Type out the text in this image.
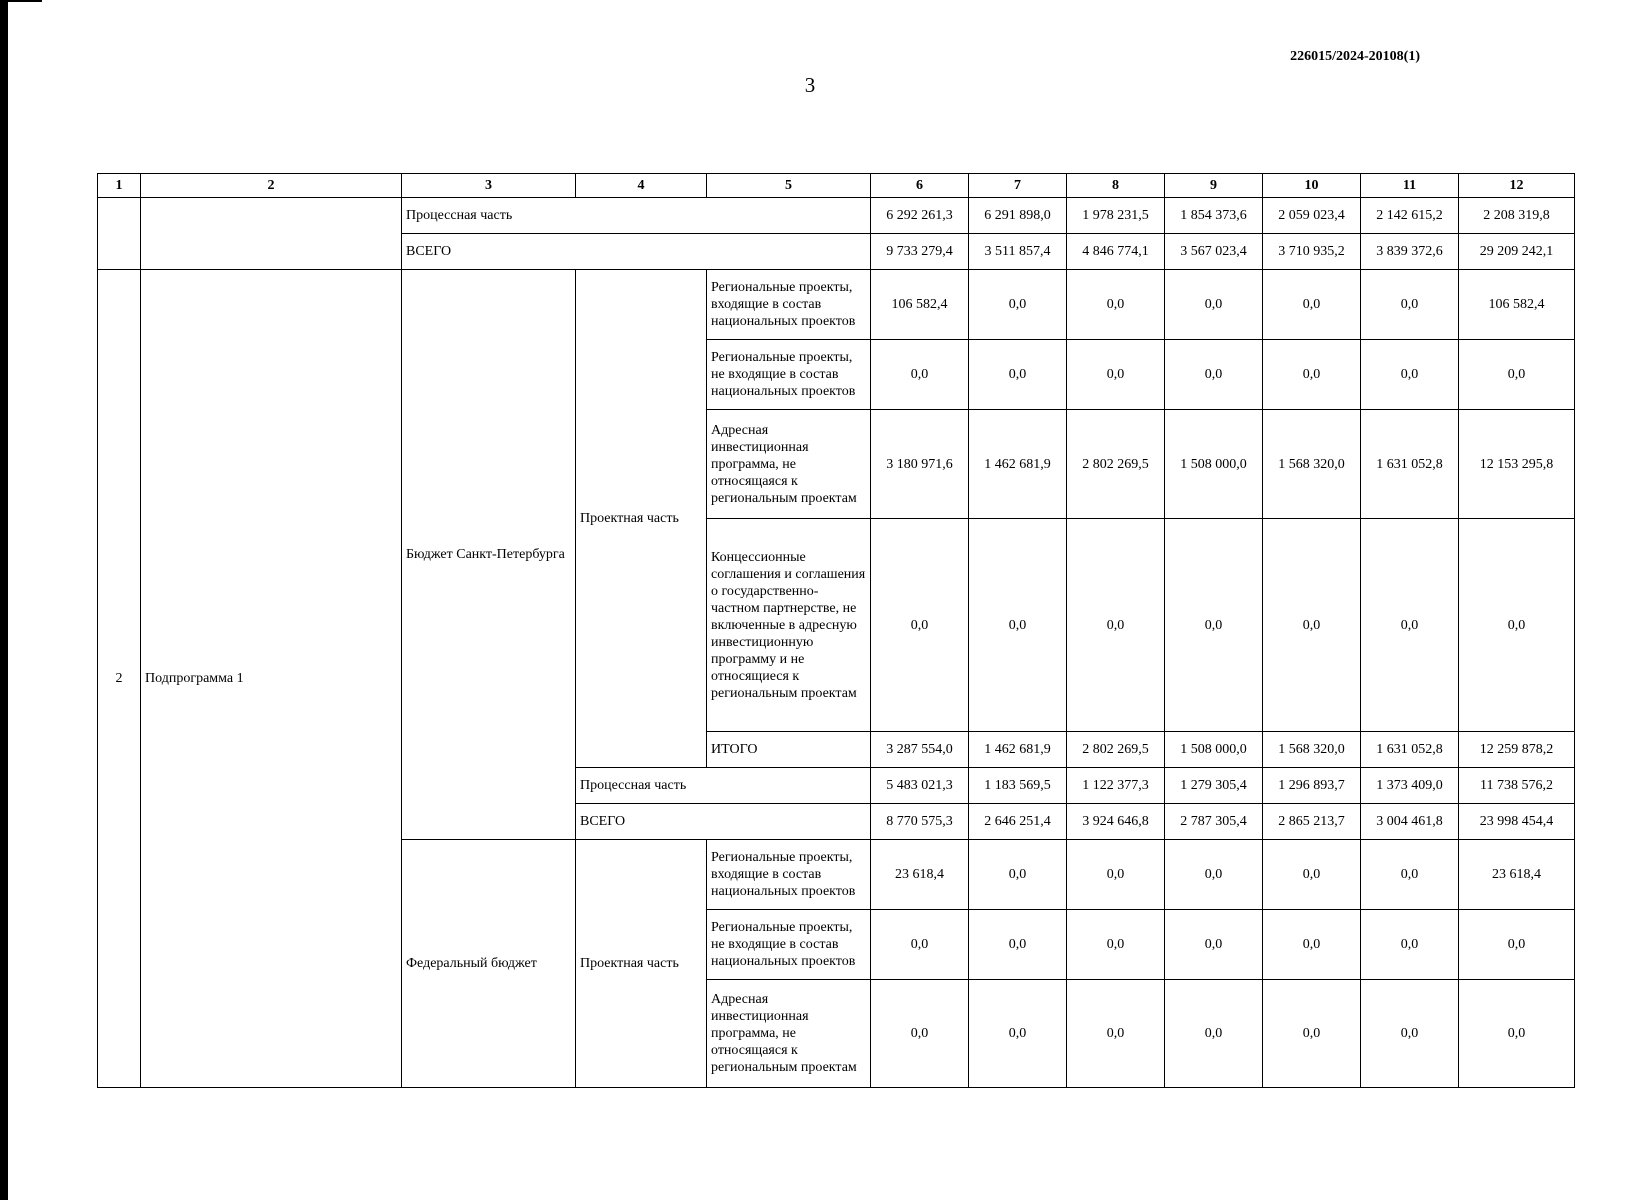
226015/2024-20108(1)
3
1	2	3	4	5	6	7	8	9	10	11	12
		Процессная часть			6 292 261,3	6 291 898,0	1 978 231,5	1 854 373,6	2 059 023,4	2 142 615,2	2 208 319,8
		ВСЕГО			9 733 279,4	3 511 857,4	4 846 774,1	3 567 023,4	3 710 935,2	3 839 372,6	29 209 242,1
2	Подпрограмма 1	Бюджет Санкт-Петербурга	Проектная часть	Региональные проекты, входящие в состав национальных проектов	106 582,4	0,0	0,0	0,0	0,0	0,0	106 582,4
				Региональные проекты, не входящие в состав национальных проектов	0,0	0,0	0,0	0,0	0,0	0,0	0,0
				Адресная инвестиционная программа, не относящаяся к региональным проектам	3 180 971,6	1 462 681,9	2 802 269,5	1 508 000,0	1 568 320,0	1 631 052,8	12 153 295,8
				Концессионные соглашения и соглашения о государственно-частном партнерстве, не включенные в адресную инвестиционную программу и не относящиеся к региональным проектам	0,0	0,0	0,0	0,0	0,0	0,0	0,0
				ИТОГО	3 287 554,0	1 462 681,9	2 802 269,5	1 508 000,0	1 568 320,0	1 631 052,8	12 259 878,2
			Процессная часть		5 483 021,3	1 183 569,5	1 122 377,3	1 279 305,4	1 296 893,7	1 373 409,0	11 738 576,2
			ВСЕГО		8 770 575,3	2 646 251,4	3 924 646,8	2 787 305,4	2 865 213,7	3 004 461,8	23 998 454,4
		Федеральный бюджет	Проектная часть	Региональные проекты, входящие в состав национальных проектов	23 618,4	0,0	0,0	0,0	0,0	0,0	23 618,4
				Региональные проекты, не входящие в состав национальных проектов	0,0	0,0	0,0	0,0	0,0	0,0	0,0
				Адресная инвестиционная программа, не относящаяся к региональным проектам	0,0	0,0	0,0	0,0	0,0	0,0	0,0
